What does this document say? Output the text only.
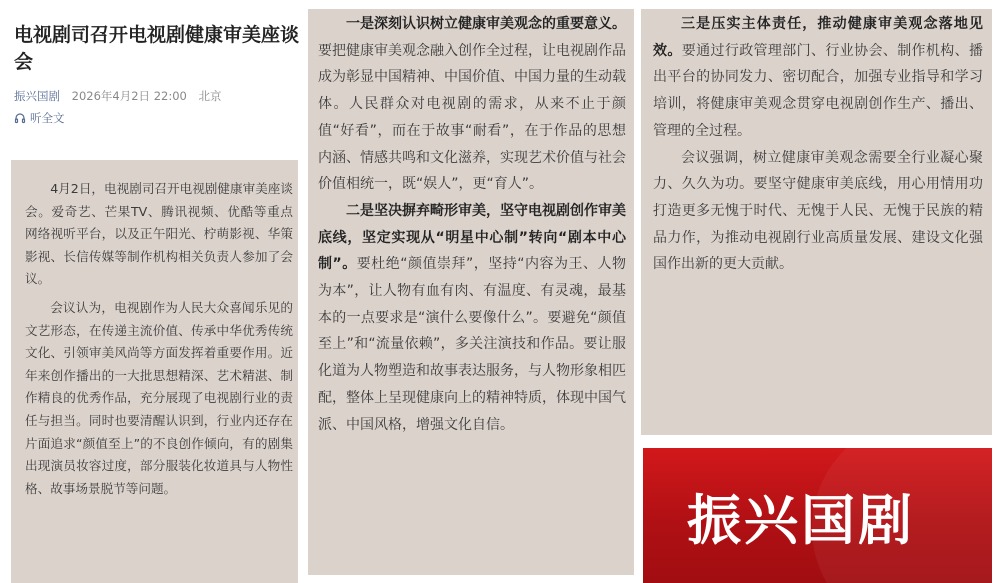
电视剧司召开电视剧健康审美座谈会
振兴国剧 2026年4月2日 22:00 北京
听全文

4月2日，电视剧司召开电视剧健康审美座谈会。爱奇艺、芒果TV、腾讯视频、优酷等重点网络视听平台，以及正午阳光、柠萌影视、华策影视、长信传媒等制作机构相关负责人参加了会议。

会议认为，电视剧作为人民大众喜闻乐见的文艺形态，在传递主流价值、传承中华优秀传统文化、引领审美风尚等方面发挥着重要作用。近年来创作播出的一大批思想精深、艺术精湛、制作精良的优秀作品，充分展现了电视剧行业的责任与担当。同时也要清醒认识到，行业内还存在片面追求“颜值至上”的不良创作倾向，有的剧集出现演员妆容过度，部分服装化妆道具与人物性格、故事场景脱节等问题。

一是深刻认识树立健康审美观念的重要意义。要把健康审美观念融入创作全过程，让电视剧作品成为彰显中国精神、中国价值、中国力量的生动载体。人民群众对电视剧的需求，从来不止于颜值“好看”，而在于故事“耐看”，在于作品的思想内涵、情感共鸣和文化滋养，实现艺术价值与社会价值相统一，既“娱人”，更“育人”。

二是坚决摒弃畸形审美，坚守电视剧创作审美底线，坚定实现从“明星中心制”转向“剧本中心制”。要杜绝“颜值崇拜”，坚持“内容为王、人物为本”，让人物有血有肉、有温度、有灵魂，最基本的一点要求是“演什么要像什么”。要避免“颜值至上”和“流量依赖”，多关注演技和作品。要让服化道为人物塑造和故事表达服务，与人物形象相匹配，整体上呈现健康向上的精神特质，体现中国气派、中国风格，增强文化自信。

三是压实主体责任，推动健康审美观念落地见效。要通过行政管理部门、行业协会、制作机构、播出平台的协同发力、密切配合，加强专业指导和学习培训，将健康审美观念贯穿电视剧创作生产、播出、管理的全过程。

会议强调，树立健康审美观念需要全行业凝心聚力、久久为功。要坚守健康审美底线，用心用情用功打造更多无愧于时代、无愧于人民、无愧于民族的精品力作，为推动电视剧行业高质量发展、建设文化强国作出新的更大贡献。

振兴国剧
